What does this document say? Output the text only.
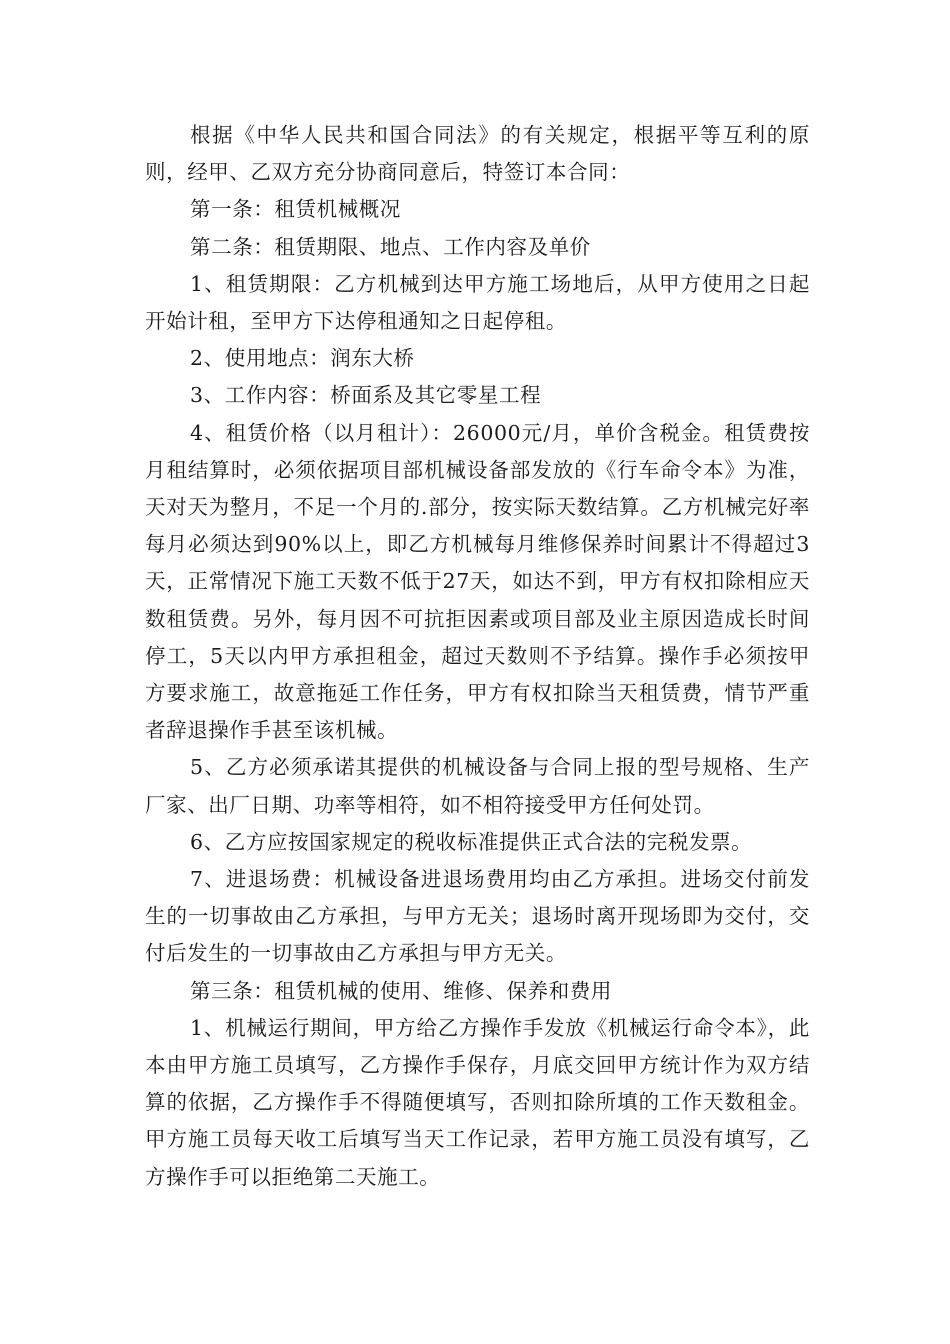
根据《中华人民共和国合同法》的有关规定，根据平等互利的原则，经甲、乙双方充分协商同意后，特签订本合同：

第一条：租赁机械概况

第二条：租赁期限、地点、工作内容及单价

1、租赁期限：乙方机械到达甲方施工场地后，从甲方使用之日起开始计租，至甲方下达停租通知之日起停租。

2、使用地点：润东大桥

3、工作内容：桥面系及其它零星工程

4、租赁价格（以月租计）：26000元/月，单价含税金。租赁费按月租结算时，必须依据项目部机械设备部发放的《行车命令本》为准，天对天为整月，不足一个月的.部分，按实际天数结算。乙方机械完好率每月必须达到90%以上，即乙方机械每月维修保养时间累计不得超过3天，正常情况下施工天数不低于27天，如达不到，甲方有权扣除相应天数租赁费。另外，每月因不可抗拒因素或项目部及业主原因造成长时间停工，5天以内甲方承担租金，超过天数则不予结算。操作手必须按甲方要求施工，故意拖延工作任务，甲方有权扣除当天租赁费，情节严重者辞退操作手甚至该机械。

5、乙方必须承诺其提供的机械设备与合同上报的型号规格、生产厂家、出厂日期、功率等相符，如不相符接受甲方任何处罚。

6、乙方应按国家规定的税收标准提供正式合法的完税发票。

7、进退场费：机械设备进退场费用均由乙方承担。进场交付前发生的一切事故由乙方承担，与甲方无关；退场时离开现场即为交付，交付后发生的一切事故由乙方承担与甲方无关。

第三条：租赁机械的使用、维修、保养和费用

1、机械运行期间，甲方给乙方操作手发放《机械运行命令本》，此本由甲方施工员填写，乙方操作手保存，月底交回甲方统计作为双方结算的依据，乙方操作手不得随便填写，否则扣除所填的工作天数租金。甲方施工员每天收工后填写当天工作记录，若甲方施工员没有填写，乙方操作手可以拒绝第二天施工。
